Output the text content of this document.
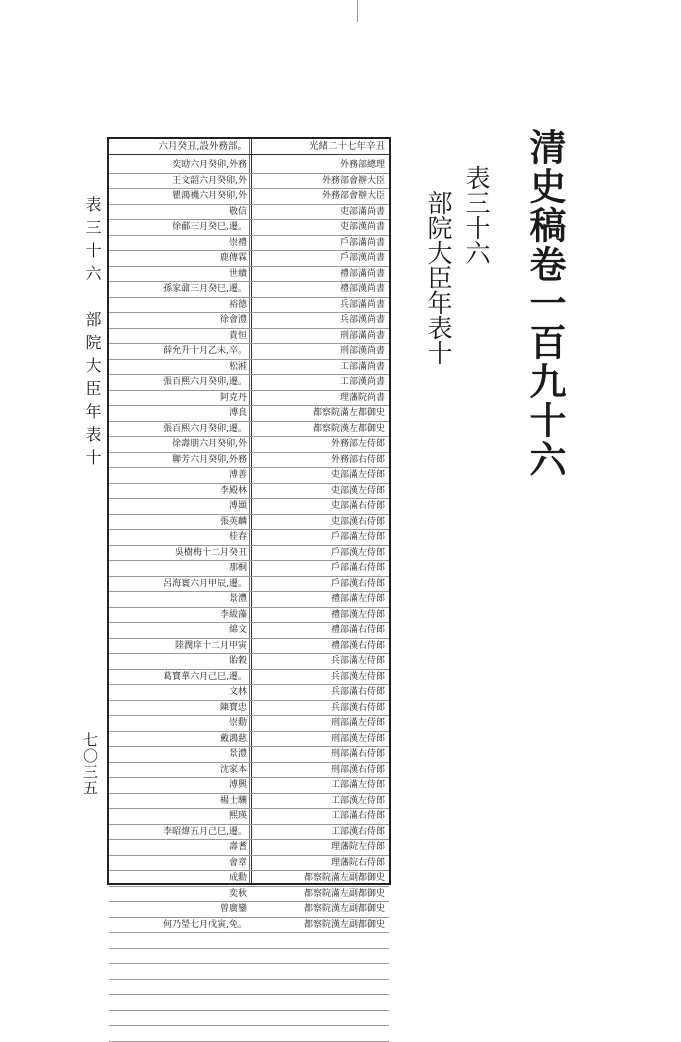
清史稿卷一百九十六
表三十六
部院大臣年表十
表三十六　部院大臣年表十
七〇三五
六月癸丑,設外務部。	光緒二十七年辛丑
奕劻六月癸卯,外務	外務部總理
王文韶六月癸卯,外	外務部會辦大臣
瞿鴻禨六月癸卯,外	外務部會辦大臣
敬信	吏部滿尚書
徐郙三月癸巳,遷。	吏部漢尚書
崇禮	戶部滿尚書
鹿傳霖	戶部漢尚書
世續	禮部滿尚書
孫家鼐三月癸巳,遷。	禮部漢尚書
裕德	兵部滿尚書
徐會澧	兵部漢尚書
貴恒	刑部滿尚書
薛允升十月乙未,卒。	刑部漢尚書
松溎	工部滿尚書
張百熙六月癸卯,遷。	工部漢尚書
阿克丹	理藩院尚書
溥良	都察院滿左都御史
張百熙六月癸卯,遷。	都察院漢左都御史
徐壽朋六月癸卯,外	外務部左侍郎
聯芳六月癸卯,外務	外務部右侍郎
溥善	吏部滿左侍郎
李殿林	吏部漢左侍郎
溥頲	吏部滿右侍郎
張英麟	吏部漢右侍郎
桂春	戶部滿左侍郎
吳樹梅十二月癸丑	戶部漢左侍郎
那桐	戶部滿右侍郎
呂海寰六月甲辰,遷。	戶部漢右侍郎
景灃	禮部滿左侍郎
李紱藻	禮部漢左侍郎
綿文	禮部滿右侍郎
陸潤庠十二月甲寅	禮部漢右侍郎
貽穀	兵部滿左侍郎
葛寶華六月己巳,遷。	兵部漢左侍郎
文林	兵部滿右侍郎
陳寶忠	兵部漢右侍郎
崇勳	刑部滿左侍郎
戴鴻慈	刑部漢左侍郎
景澧	刑部滿右侍郎
沈家本	刑部漢右侍郎
溥興	工部滿左侍郎
楊士驤	工部漢左侍郎
熙瑛	工部滿右侍郎
李昭煒五月己巳,遷。	工部漢右侍郎
壽耆	理藩院左侍郎
會章	理藩院右侍郎
成勳	都察院滿左副都御史
奕秋	都察院滿左副都御史
曾廣鑾	都察院漢左副都御史
何乃瑩七月戊寅,免。	都察院漢左副都御史
